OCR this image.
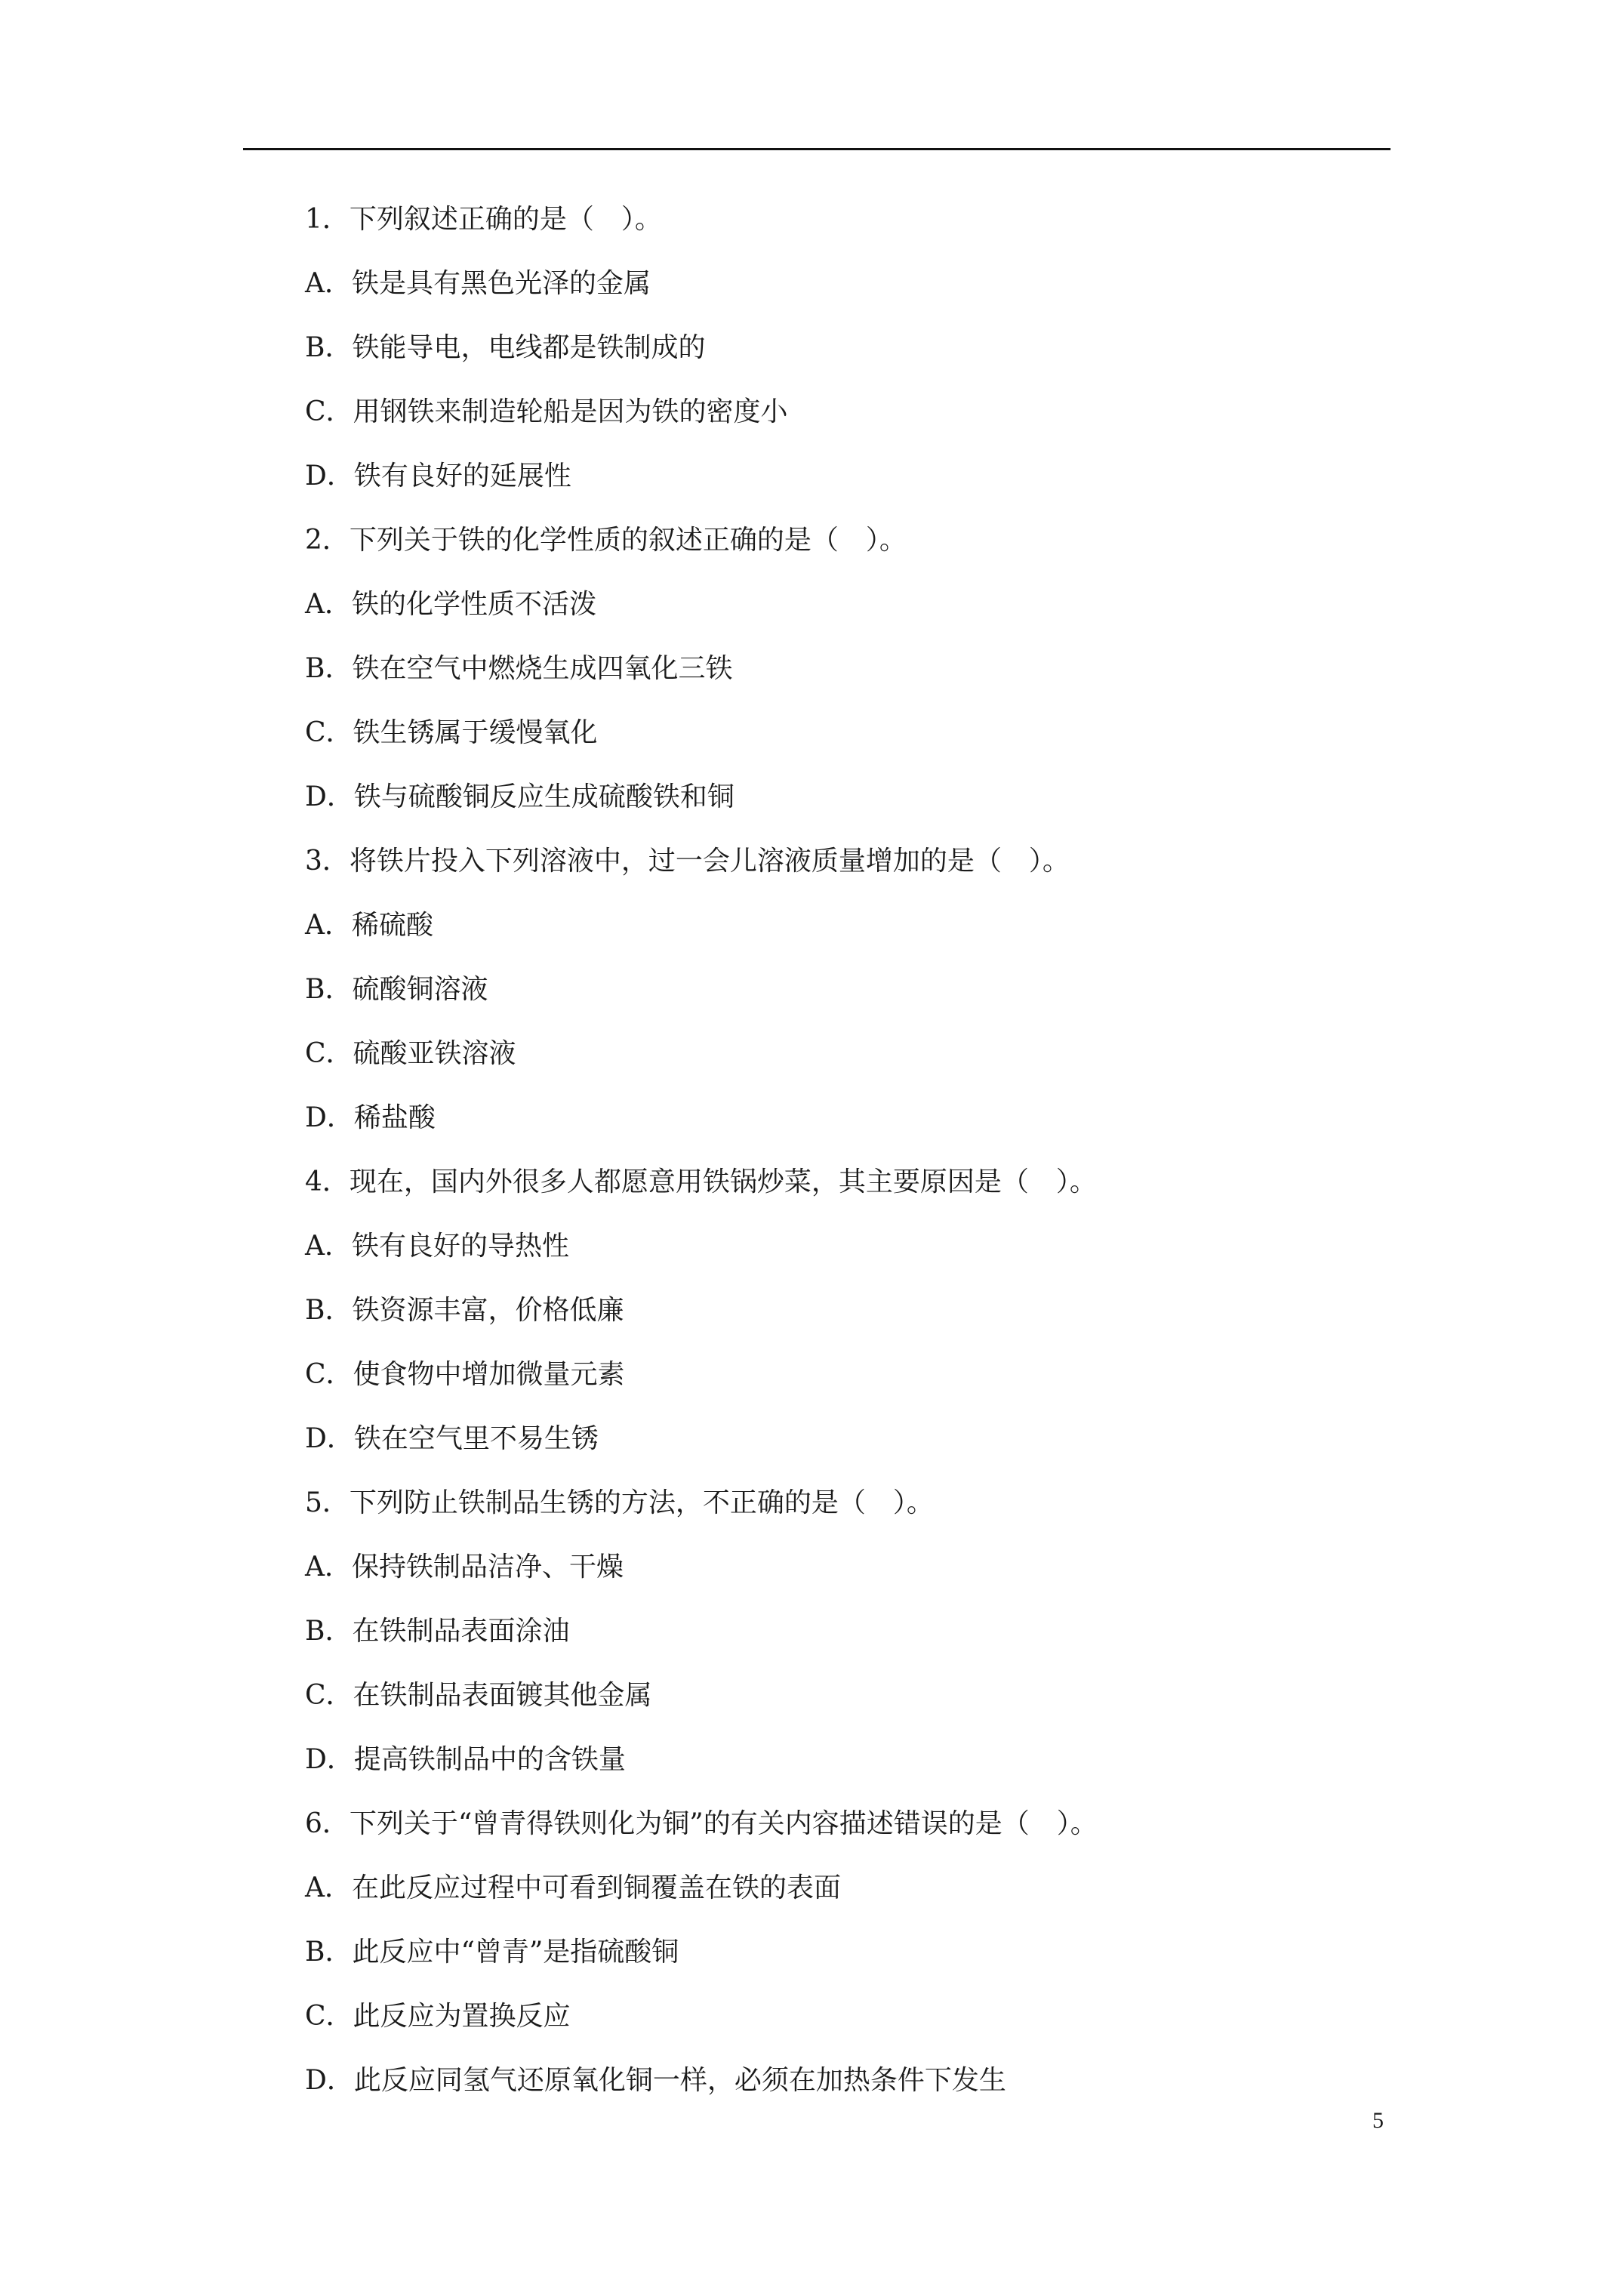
1．下列叙述正确的是（　）。
A．铁是具有黑色光泽的金属
B．铁能导电，电线都是铁制成的
C．用钢铁来制造轮船是因为铁的密度小
D．铁有良好的延展性
2．下列关于铁的化学性质的叙述正确的是（　）。
A．铁的化学性质不活泼
B．铁在空气中燃烧生成四氧化三铁
C．铁生锈属于缓慢氧化
D．铁与硫酸铜反应生成硫酸铁和铜
3．将铁片投入下列溶液中，过一会儿溶液质量增加的是（　）。
A．稀硫酸
B．硫酸铜溶液
C．硫酸亚铁溶液
D．稀盐酸
4．现在，国内外很多人都愿意用铁锅炒菜，其主要原因是（　）。
A．铁有良好的导热性
B．铁资源丰富，价格低廉
C．使食物中增加微量元素
D．铁在空气里不易生锈
5．下列防止铁制品生锈的方法，不正确的是（　）。
A．保持铁制品洁净、干燥
B．在铁制品表面涂油
C．在铁制品表面镀其他金属
D．提高铁制品中的含铁量
6．下列关于“曾青得铁则化为铜”的有关内容描述错误的是（　）。
A．在此反应过程中可看到铜覆盖在铁的表面
B．此反应中“曾青”是指硫酸铜
C．此反应为置换反应
D．此反应同氢气还原氧化铜一样，必须在加热条件下发生
5
